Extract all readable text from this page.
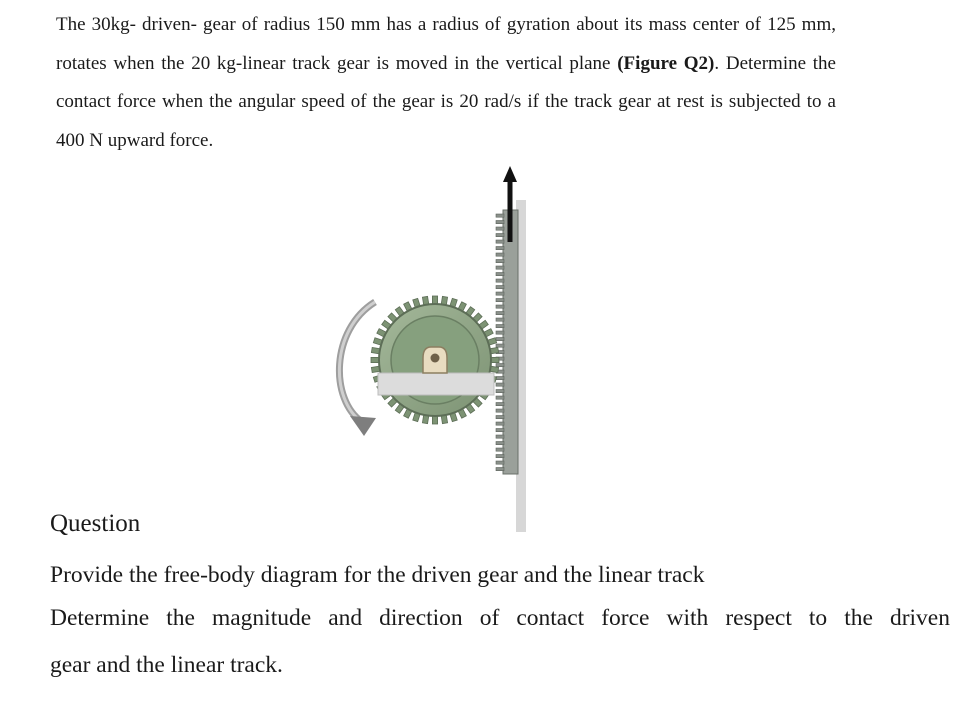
The 30kg- driven- gear of radius 150 mm has a radius of gyration about its mass center of 125 mm, rotates when the 20 kg-linear track gear is moved in the vertical plane (Figure Q2). Determine the contact force when the angular speed of the gear is 20 rad/s if the track gear at rest is subjected to a 400 N upward force.
Question
Provide the free-body diagram for the driven gear and the linear track
Determine the magnitude and direction of contact force with respect to the driven
gear and the linear track.
